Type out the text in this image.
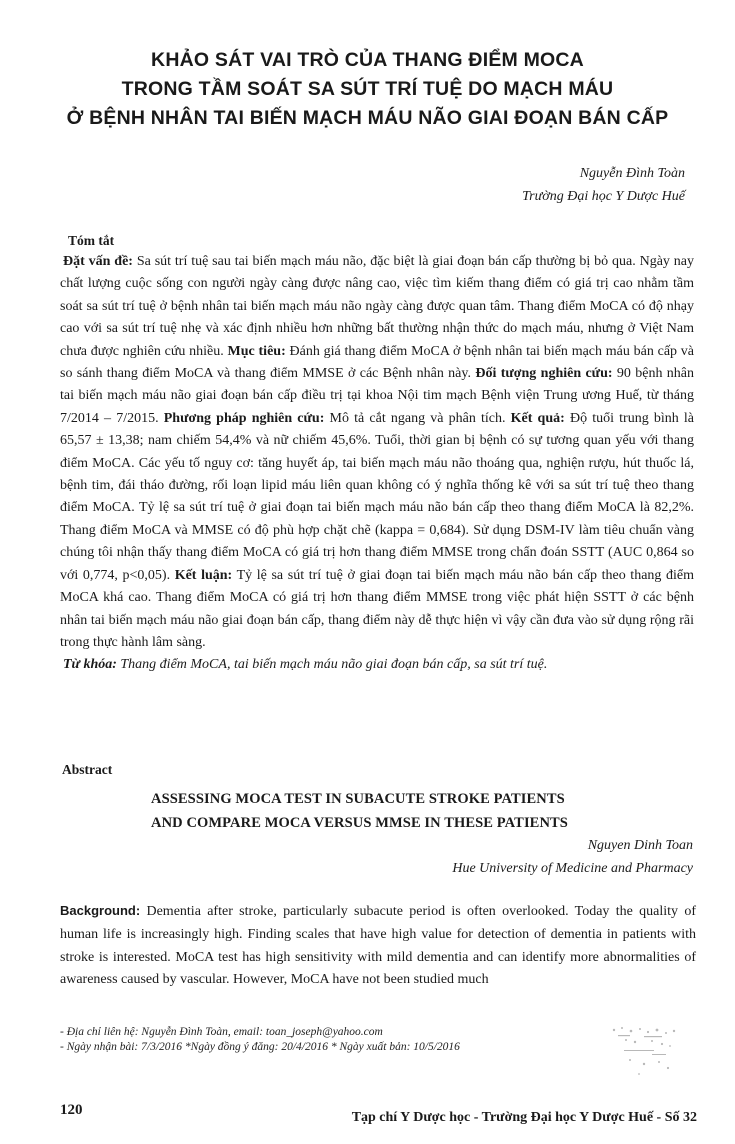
KHẢO SÁT VAI TRÒ CỦA THANG ĐIỂM MOCA
TRONG TẦM SOÁT SA SÚT TRÍ TUỆ DO MẠCH MÁU
Ở BỆNH NHÂN TAI BIẾN MẠCH MÁU NÃO GIAI ĐOẠN BÁN CẤP
Nguyễn Đình Toàn
Trường Đại học Y Dược Huế
Tóm tắt

Đặt vấn đề: Sa sút trí tuệ sau tai biến mạch máu não, đặc biệt là giai đoạn bán cấp thường bị bỏ qua. Ngày nay chất lượng cuộc sống con người ngày càng được nâng cao, việc tìm kiếm thang điểm có giá trị cao nhằm tầm soát sa sút trí tuệ ở bệnh nhân tai biến mạch máu não ngày càng được quan tâm. Thang điểm MoCA có độ nhạy cao với sa sút trí tuệ nhẹ và xác định nhiều hơn những bất thường nhận thức do mạch máu, nhưng ở Việt Nam chưa được nghiên cứu nhiều. Mục tiêu: Đánh giá thang điểm MoCA ở bệnh nhân tai biến mạch máu bán cấp và so sánh thang điểm MoCA và thang điểm MMSE ở các Bệnh nhân này. Đối tượng nghiên cứu: 90 bệnh nhân tai biến mạch máu não giai đoạn bán cấp điều trị tại khoa Nội tim mạch Bệnh viện Trung ương Huế, từ tháng 7/2014 – 7/2015. Phương pháp nghiên cứu: Mô tả cắt ngang và phân tích. Kết quả: Độ tuổi trung bình là 65,57 ± 13,38; nam chiếm 54,4% và nữ chiếm 45,6%. Tuổi, thời gian bị bệnh có sự tương quan yếu với thang điểm MoCA. Các yếu tố nguy cơ: tăng huyết áp, tai biến mạch máu não thoáng qua, nghiện rượu, hút thuốc lá, bệnh tim, đái tháo đường, rối loạn lipid máu liên quan không có ý nghĩa thống kê với sa sút trí tuệ theo thang điểm MoCA. Tỷ lệ sa sút trí tuệ ở giai đoạn tai biến mạch máu não bán cấp theo thang điểm MoCA là 82,2%. Thang điểm MoCA và MMSE có độ phù hợp chặt chẽ (kappa = 0,684). Sử dụng DSM-IV làm tiêu chuẩn vàng chúng tôi nhận thấy thang điểm MoCA có giá trị hơn thang điểm MMSE trong chẩn đoán SSTT (AUC 0,864 so với 0,774, p<0,05). Kết luận: Tỷ lệ sa sút trí tuệ ở giai đoạn tai biến mạch máu não bán cấp theo thang điểm MoCA khá cao. Thang điểm MoCA có giá trị hơn thang điểm MMSE trong việc phát hiện SSTT ở các bệnh nhân tai biến mạch máu não giai đoạn bán cấp, thang điểm này dễ thực hiện vì vậy cần đưa vào sử dụng rộng rãi trong thực hành lâm sàng.

Từ khóa: Thang điểm MoCA, tai biến mạch máu não giai đoạn bán cấp, sa sút trí tuệ.

Abstract
ASSESSING MOCA TEST IN SUBACUTE STROKE PATIENTS
AND COMPARE MOCA VERSUS MMSE IN THESE PATIENTS
Nguyen Dinh Toan
Hue University of Medicine and Pharmacy

Background: Dementia after stroke, particularly subacute period is often overlooked. Today the quality of human life is increasingly high. Finding scales that have high value for detection of dementia in patients with stroke is interested. MoCA test has high sensitivity with mild dementia and can identify more abnormalities of awareness caused by vascular. However, MoCA have not been studied much

- Địa chỉ liên hệ: Nguyễn Đình Toàn, email: toan_joseph@yahoo.com
- Ngày nhận bài: 7/3/2016 *Ngày đồng ý đăng: 20/4/2016 * Ngày xuất bản: 10/5/2016
120	Tạp chí Y Dược học - Trường Đại học Y Dược Huế - Số 32
